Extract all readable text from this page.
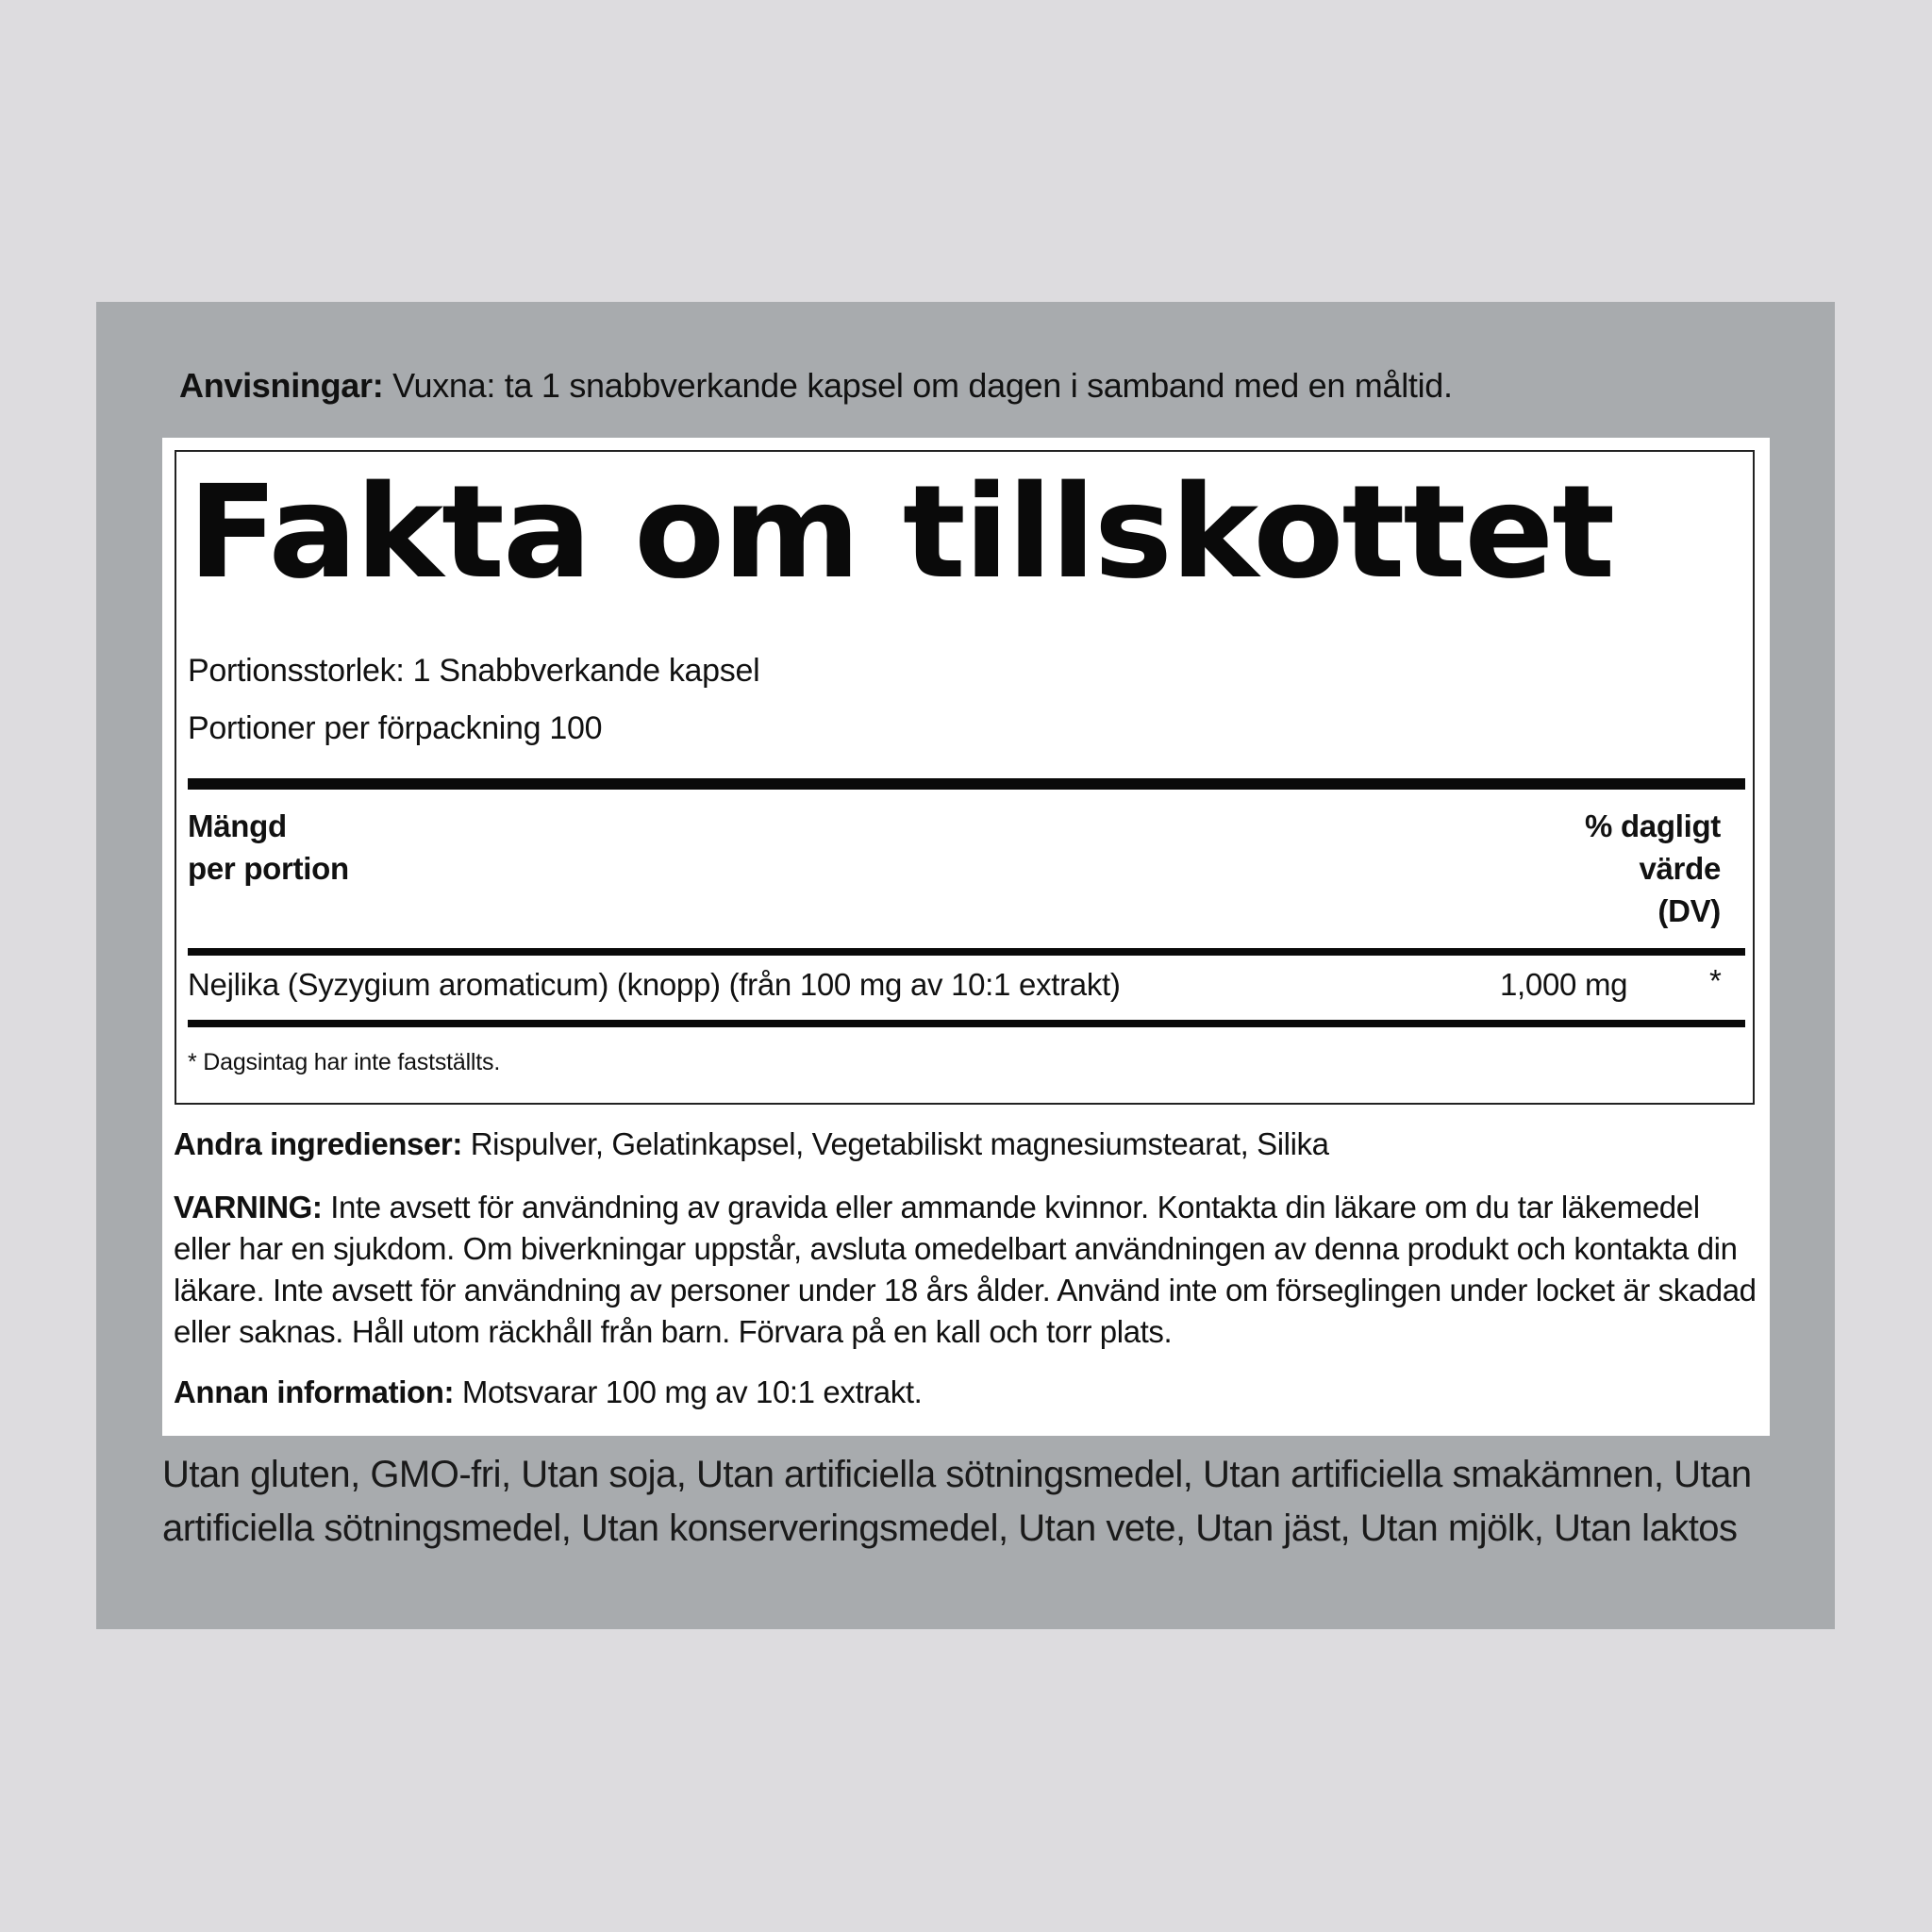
Anvisningar: Vuxna: ta 1 snabbverkande kapsel om dagen i samband med en måltid.
Fakta om tillskottet
Portionsstorlek: 1 Snabbverkande kapsel
Portioner per förpackning 100
Mängd
per portion
% dagligt
värde
(DV)
Nejlika (Syzygium aromaticum) (knopp) (från 100 mg av 10:1 extrakt)	1,000 mg	*
* Dagsintag har inte fastställts.
Andra ingredienser: Rispulver, Gelatinkapsel, Vegetabiliskt magnesiumstearat, Silika
VARNING: Inte avsett för användning av gravida eller ammande kvinnor. Kontakta din läkare om du tar läkemedel eller har en sjukdom. Om biverkningar uppstår, avsluta omedelbart användningen av denna produkt och kontakta din läkare. Inte avsett för användning av personer under 18 års ålder. Använd inte om förseglingen under locket är skadad eller saknas. Håll utom räckhåll från barn. Förvara på en kall och torr plats.
Annan information: Motsvarar 100 mg av 10:1 extrakt.
Utan gluten, GMO-fri, Utan soja, Utan artificiella sötningsmedel, Utan artificiella smakämnen, Utan artificiella sötningsmedel, Utan konserveringsmedel, Utan vete, Utan jäst, Utan mjölk, Utan laktos
